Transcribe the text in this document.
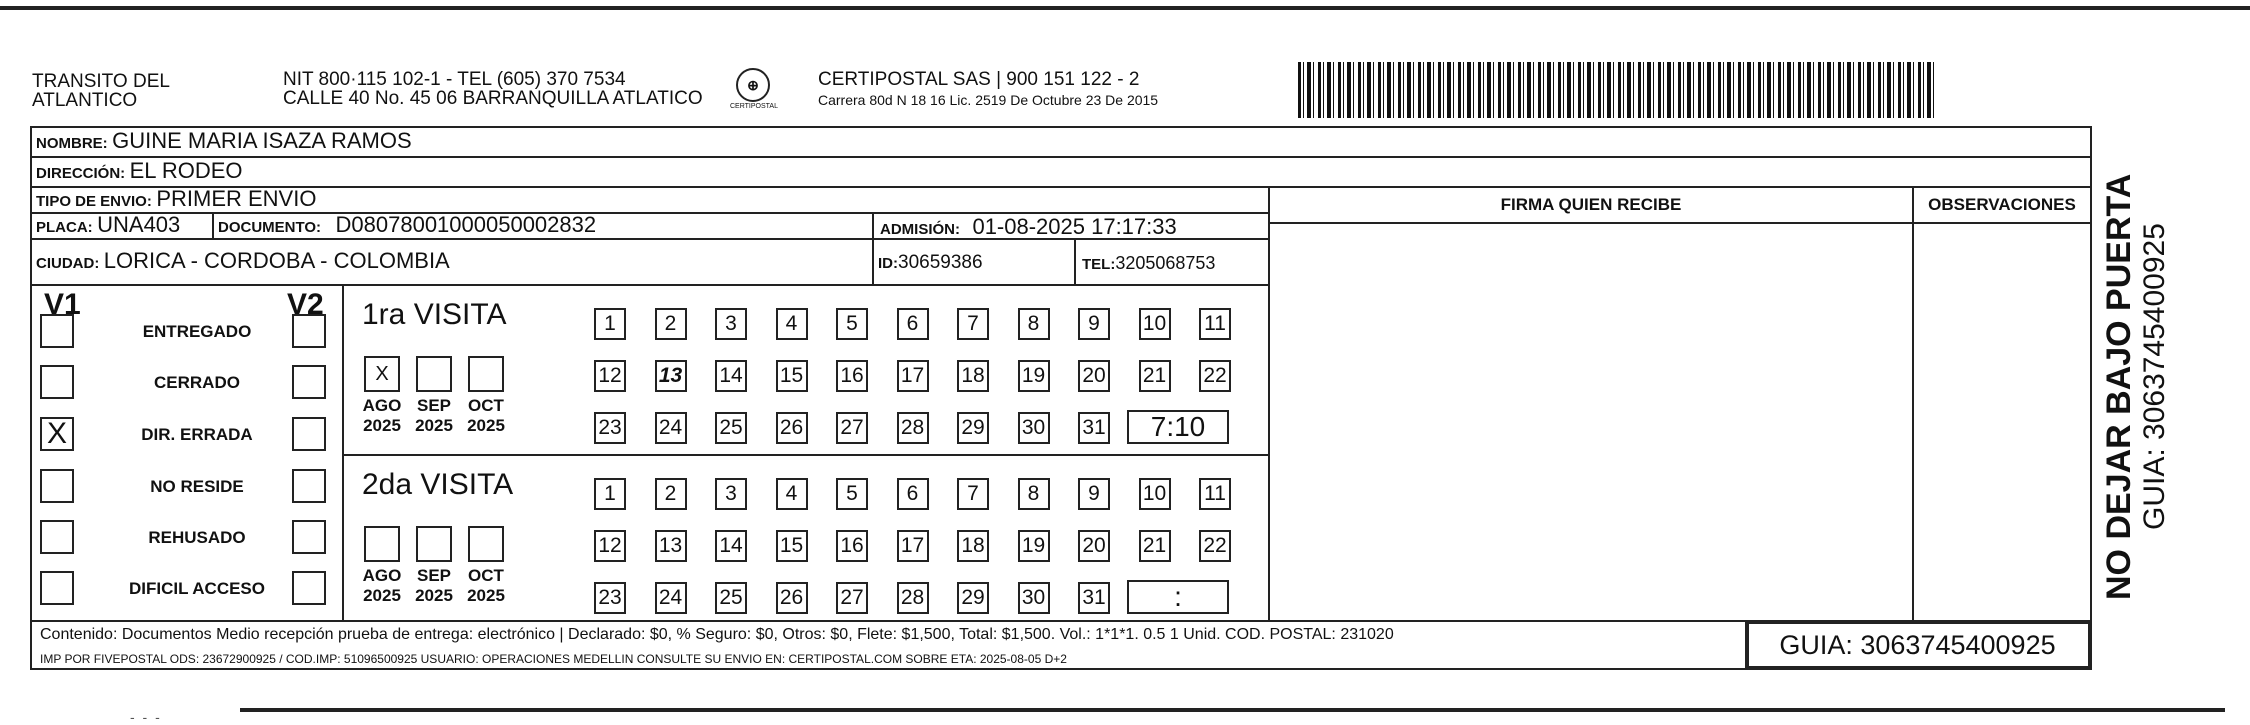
TRANSITO DEL
ATLANTICO
NIT 800·115 102-1 - TEL (605) 370 7534
CALLE 40 No. 45 06 BARRANQUILLA ATLATICO
⊕
CERTIPOSTAL
CERTIPOSTAL SAS | 900 151 122 - 2
Carrera 80d N 18 16 Lic. 2519 De Octubre 23 De 2015
NOMBRE: GUINE MARIA ISAZA RAMOS
DIRECCIÓN: EL RODEO
TIPO DE ENVIO: PRIMER ENVIO	FIRMA QUIEN RECIBE	OBSERVACIONES
PLACA: UNA403	DOCUMENTO: D08078001000050002832	ADMISIÓN: 01-08-2025 17:17:33
CIUDAD: LORICA - CORDOBA - COLOMBIA	ID:30659386	TEL:3205068753
V1	V2
ENTREGADO
CERRADO
X	DIR. ERRADA
NO RESIDE
REHUSADO
DIFICIL ACCESO
1ra VISITA
X
AGO
2025
SEP
2025
OCT
2025
1	2	3	4	5	6	7	8	9	10 11
12 13 14 15 16 17 18 19 20 21 22
23 24 25 26 27 28 29 30 31	7:10
2da VISITA
AGO
2025
SEP
2025
OCT
2025
1	2	3	4	5	6	7	8	9	10 11
12 13 14 15 16 17 18 19 20 21 22
23 24 25 26 27 28 29 30 31	:
Contenido: Documentos Medio recepción prueba de entrega: electrónico | Declarado: $0, % Seguro: $0, Otros: $0, Flete: $1,500, Total: $1,500. Vol.: 1*1*1. 0.5 1 Unid. COD. POSTAL: 231020
IMP POR FIVEPOSTAL ODS: 23672900925 / COD.IMP: 51096500925 USUARIO: OPERACIONES MEDELLIN CONSULTE SU ENVIO EN: CERTIPOSTAL.COM SOBRE ETA: 2025-08-05 D+2	GUIA: 3063745400925
NO DEJAR BAJO PUERTA GUIA: 3063745400925
- - -
